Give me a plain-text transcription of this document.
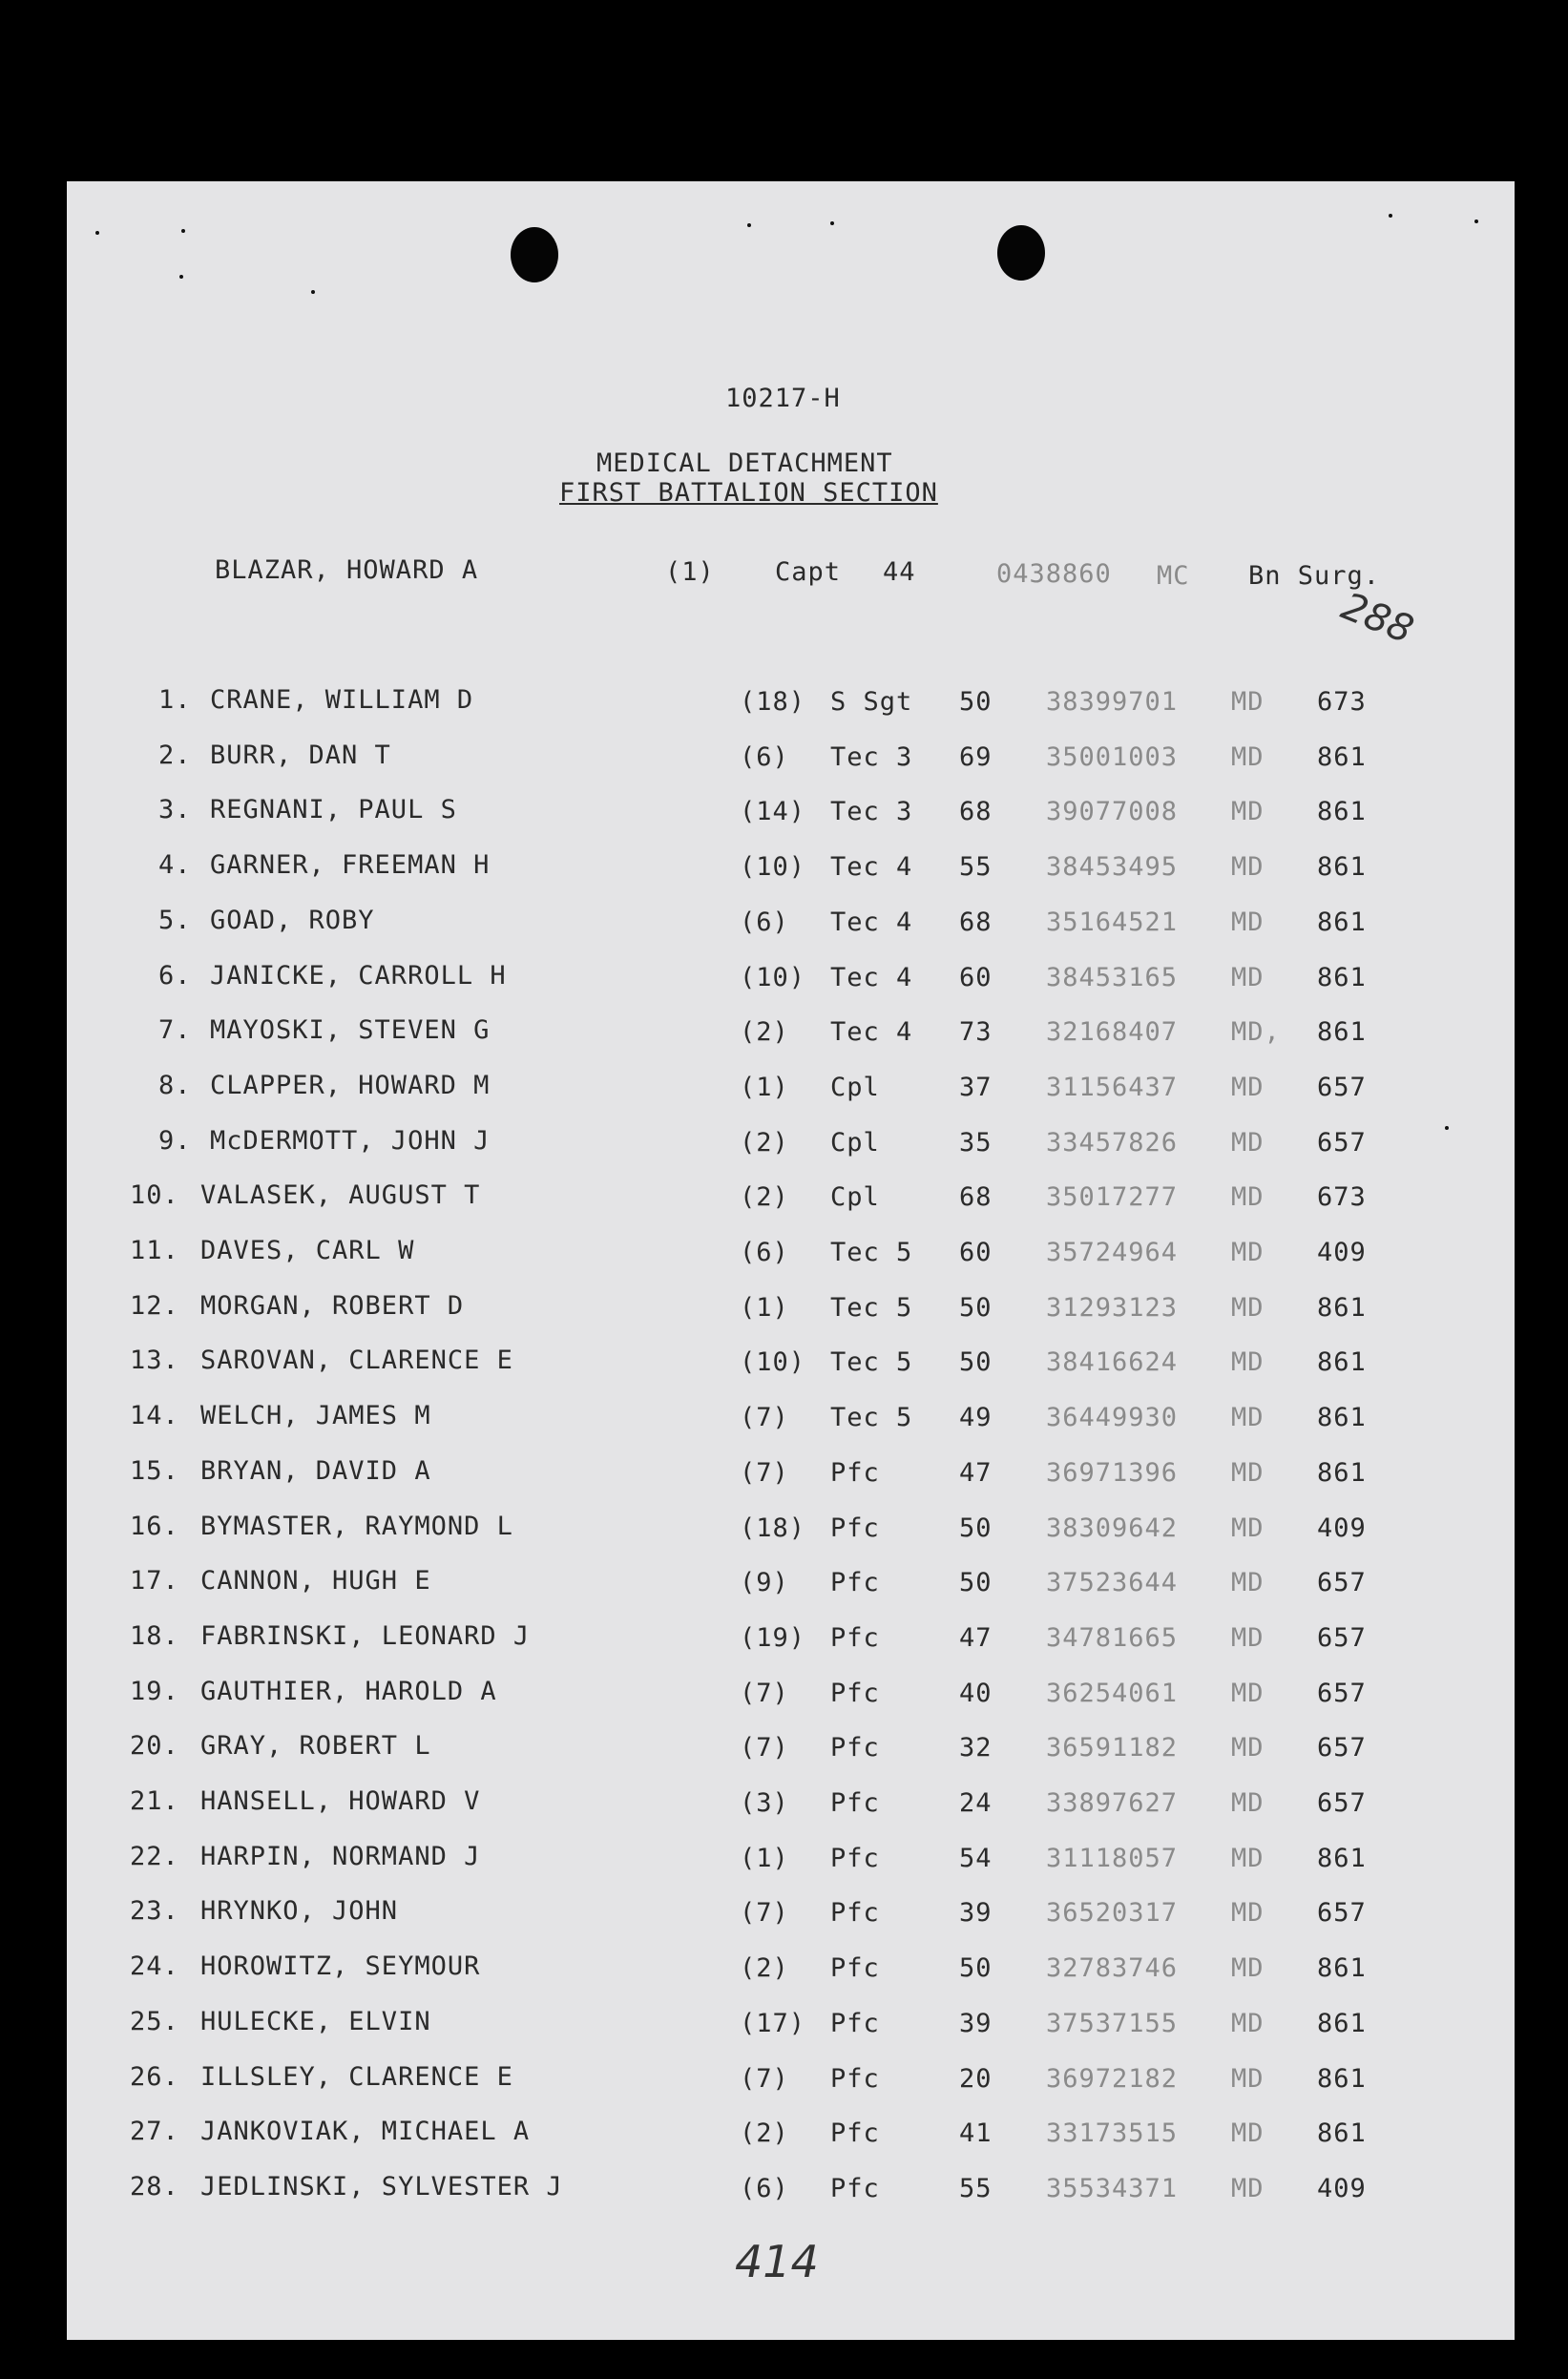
10217-H
MEDICAL DETACHMENT
FIRST BATTALION SECTION
BLAZAR, HOWARD A	(1) Capt 44	0438860 MC Bn Surg.
288
1. CRANE, WILLIAM D	(18) S Sgt 50 38399701 MD 673
2. BURR, DAN T	(6) Tec 3 69 35001003 MD 861
3. REGNANI, PAUL S	(14) Tec 3 68 39077008 MD 861
4. GARNER, FREEMAN H	(10) Tec 4 55 38453495 MD 861
5. GOAD, ROBY	(6) Tec 4 68 35164521 MD 861
6. JANICKE, CARROLL H	(10) Tec 4 60 38453165 MD 861
7. MAYOSKI, STEVEN G	(2) Tec 4 73 32168407 MD, 861
8. CLAPPER, HOWARD M	(1) Cpl	37 31156437 MD 657
9. McDERMOTT, JOHN J	(2) Cpl	35 33457826 MD 657
10. VALASEK, AUGUST T	(2) Cpl	68 35017277 MD 673
11. DAVES, CARL W	(6) Tec 5 60 35724964 MD 409
12. MORGAN, ROBERT D	(1) Tec 5 50 31293123 MD 861
13. SAROVAN, CLARENCE E	(10) Tec 5 50 38416624 MD 861
14. WELCH, JAMES M	(7) Tec 5 49 36449930 MD 861
15. BRYAN, DAVID A	(7) Pfc	47 36971396 MD 861
16. BYMASTER, RAYMOND L	(18) Pfc	50 38309642 MD 409
17. CANNON, HUGH E	(9) Pfc	50 37523644 MD 657
18. FABRINSKI, LEONARD J	(19) Pfc	47 34781665 MD 657
19. GAUTHIER, HAROLD A	(7) Pfc	40 36254061 MD 657
20. GRAY, ROBERT L	(7) Pfc	32 36591182 MD 657
21. HANSELL, HOWARD V	(3) Pfc	24 33897627 MD 657
22. HARPIN, NORMAND J	(1) Pfc	54 31118057 MD 861
23. HRYNKO, JOHN	(7) Pfc	39 36520317 MD 657
24. HOROWITZ, SEYMOUR	(2) Pfc	50 32783746 MD 861
25. HULECKE, ELVIN	(17) Pfc	39 37537155 MD 861
26. ILLSLEY, CLARENCE E	(7) Pfc	20 36972182 MD 861
27. JANKOVIAK, MICHAEL A	(2) Pfc	41 33173515 MD 861
28. JEDLINSKI, SYLVESTER J	(6) Pfc	55 35534371 MD 409
414
